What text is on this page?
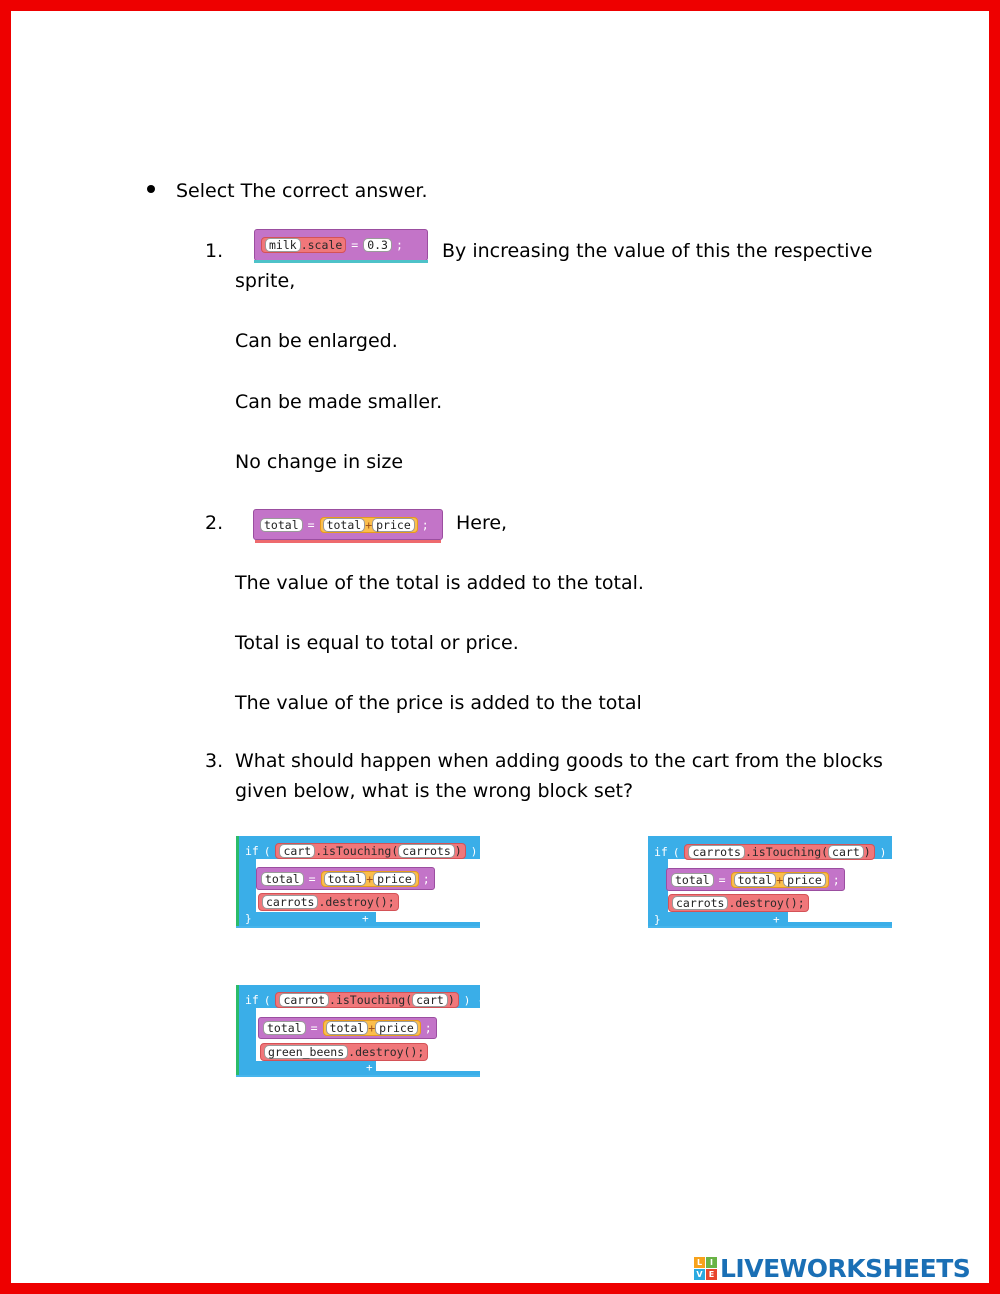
Select The correct answer.
1.	milk .scale = 0.3 ; By increasing the value of this the respective
sprite,
Can be enlarged.
Can be made smaller.
No change in size
2.	total =	total + price ; Here,
The value of the total is added to the total.
Total is equal to total or price.
The value of the price is added to the total
3. What should happen when adding goods to the cart from the blocks
given below, what is the wrong block set?
if (	cart .isTouching( carrots ) ) {
total =	total + price ;
carrots .destroy();
}	+
if (	carrots .isTouching( cart ) ) {
total =	total + price ;
carrots .destroy();
}	+
if (	carrot .isTouching( cart ) ) {
total =	total + price ;
green_beens .destroy();
+
L I
V E LIVEWORKSHEETS
